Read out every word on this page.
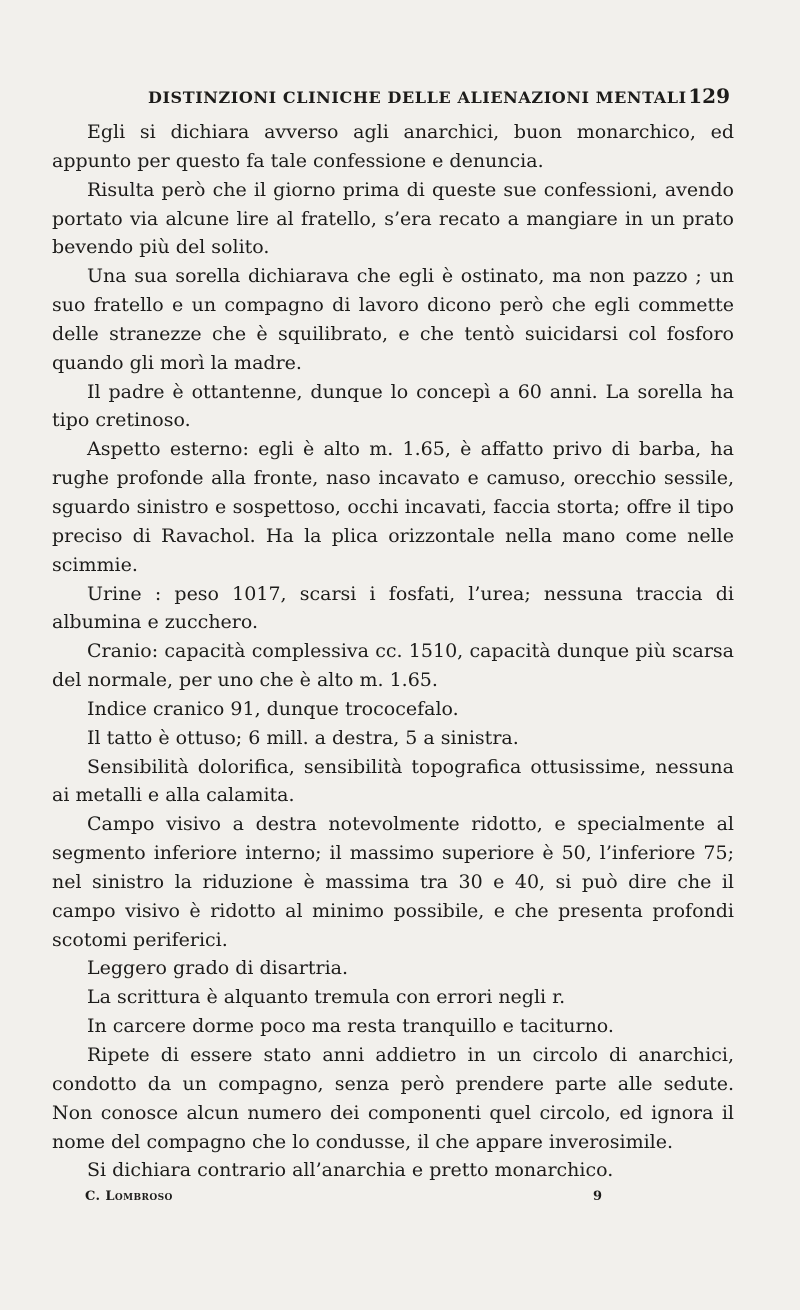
DISTINZIONI CLINICHE DELLE ALIENAZIONI MENTALI 129

Egli si dichiara avverso agli anarchici, buon monarchico, ed appunto per questo fa tale confessione e denuncia.

Risulta però che il giorno prima di queste sue confessioni, avendo portato via alcune lire al fratello, s’era recato a mangiare in un prato bevendo più del solito.

Una sua sorella dichiarava che egli è ostinato, ma non pazzo ; un suo fratello e un compagno di lavoro dicono però che egli commette delle stranezze che è squilibrato, e che tentò suicidarsi col fosforo quando gli morì la madre.

Il padre è ottantenne, dunque lo concepì a 60 anni. La sorella ha tipo cretinoso.

Aspetto esterno: egli è alto m. 1.65, è affatto privo di barba, ha rughe profonde alla fronte, naso incavato e camuso, orecchio sessile, sguardo sinistro e sospettoso, occhi incavati, faccia storta; offre il tipo preciso di Ravachol. Ha la plica orizzontale nella mano come nelle scimmie.

Urine : peso 1017, scarsi i fosfati, l’urea; nessuna traccia di albumina e zucchero.

Cranio: capacità complessiva cc. 1510, capacità dunque più scarsa del normale, per uno che è alto m. 1.65.

Indice cranico 91, dunque trococefalo.

Il tatto è ottuso; 6 mill. a destra, 5 a sinistra.

Sensibilità dolorifica, sensibilità topografica ottusissime, nessuna ai metalli e alla calamita.

Campo visivo a destra notevolmente ridotto, e specialmente al segmento inferiore interno; il massimo superiore è 50, l’inferiore 75; nel sinistro la riduzione è massima tra 30 e 40, si può dire che il campo visivo è ridotto al minimo possibile, e che presenta profondi scotomi periferici.

Leggero grado di disartria.

La scrittura è alquanto tremula con errori negli r.

In carcere dorme poco ma resta tranquillo e taciturno.

Ripete di essere stato anni addietro in un circolo di anarchici, condotto da un compagno, senza però prendere parte alle sedute. Non conosce alcun numero dei componenti quel circolo, ed ignora il nome del compagno che lo condusse, il che appare inverosimile.

Si dichiara contrario all’anarchia e pretto monarchico.

C. Lombroso	9
